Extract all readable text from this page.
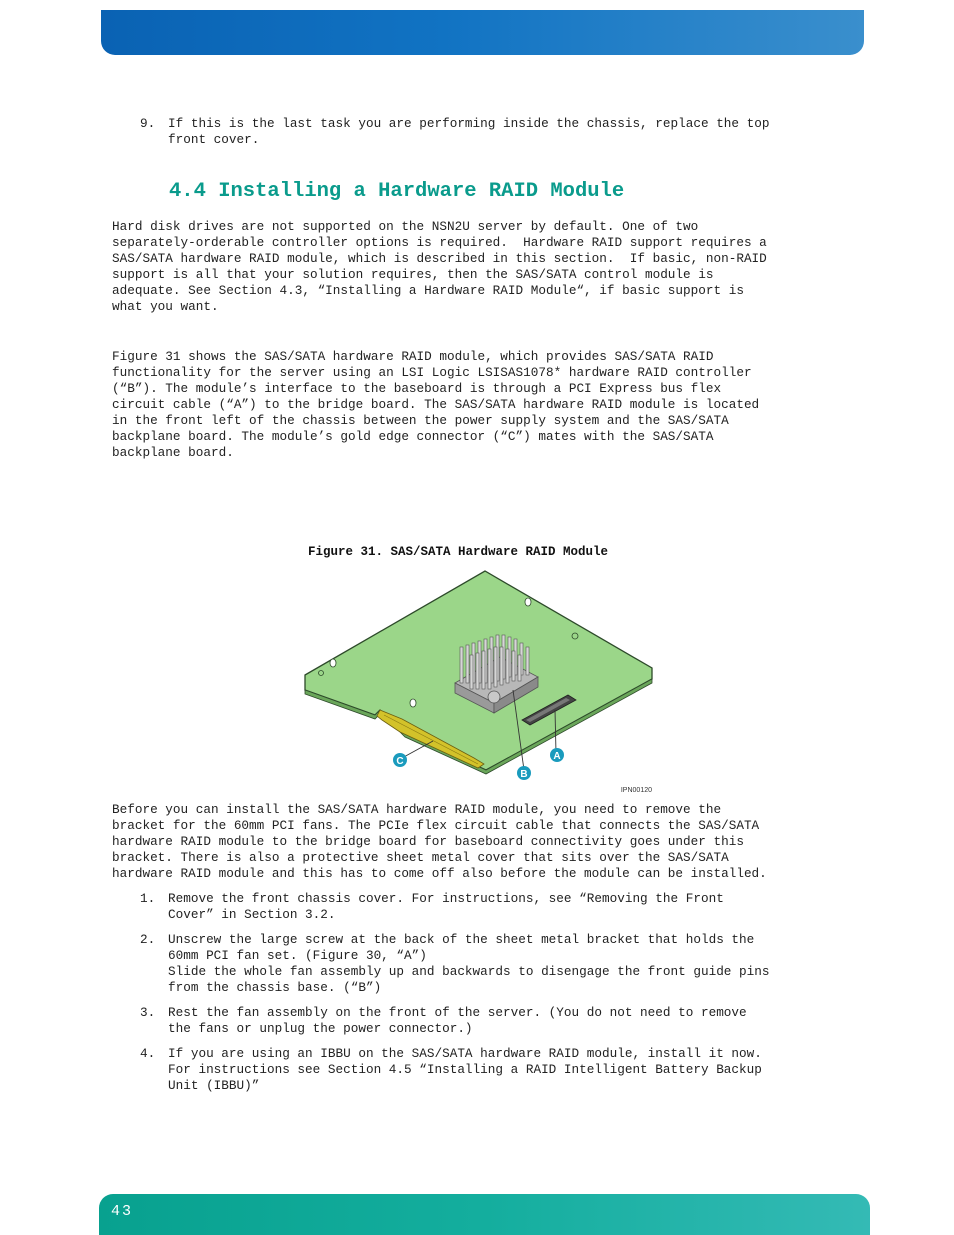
9. If this is the last task you are performing inside the chassis, replace the top
front cover.

4.4 Installing a Hardware RAID Module

Hard disk drives are not supported on the NSN2U server by default. One of two
separately-orderable controller options is required.  Hardware RAID support requires a
SAS/SATA hardware RAID module, which is described in this section.  If basic, non-RAID
support is all that your solution requires, then the SAS/SATA control module is
adequate. See Section 4.3, “Installing a Hardware RAID Module“, if basic support is
what you want.

Figure 31 shows the SAS/SATA hardware RAID module, which provides SAS/SATA RAID
functionality for the server using an LSI Logic LSISAS1078* hardware RAID controller
(“B”). The module’s interface to the baseboard is through a PCI Express bus flex
circuit cable (“A”) to the bridge board. The SAS/SATA hardware RAID module is located
in the front left of the chassis between the power supply system and the SAS/SATA
backplane board. The module’s gold edge connector (“C”) mates with the SAS/SATA
backplane board.

Figure 31. SAS/SATA Hardware RAID Module
A
B
C
IPN00120

Before you can install the SAS/SATA hardware RAID module, you need to remove the
bracket for the 60mm PCI fans. The PCIe flex circuit cable that connects the SAS/SATA
hardware RAID module to the bridge board for baseboard connectivity goes under this
bracket. There is also a protective sheet metal cover that sits over the SAS/SATA
hardware RAID module and this has to come off also before the module can be installed.

1. Remove the front chassis cover. For instructions, see “Removing the Front
Cover” in Section 3.2.

2. Unscrew the large screw at the back of the sheet metal bracket that holds the
60mm PCI fan set. (Figure 30, “A”)
Slide the whole fan assembly up and backwards to disengage the front guide pins
from the chassis base. (“B”)

3. Rest the fan assembly on the front of the server. (You do not need to remove
the fans or unplug the power connector.)

4. If you are using an IBBU on the SAS/SATA hardware RAID module, install it now.
For instructions see Section 4.5 “Installing a RAID Intelligent Battery Backup
Unit (IBBU)”

43
